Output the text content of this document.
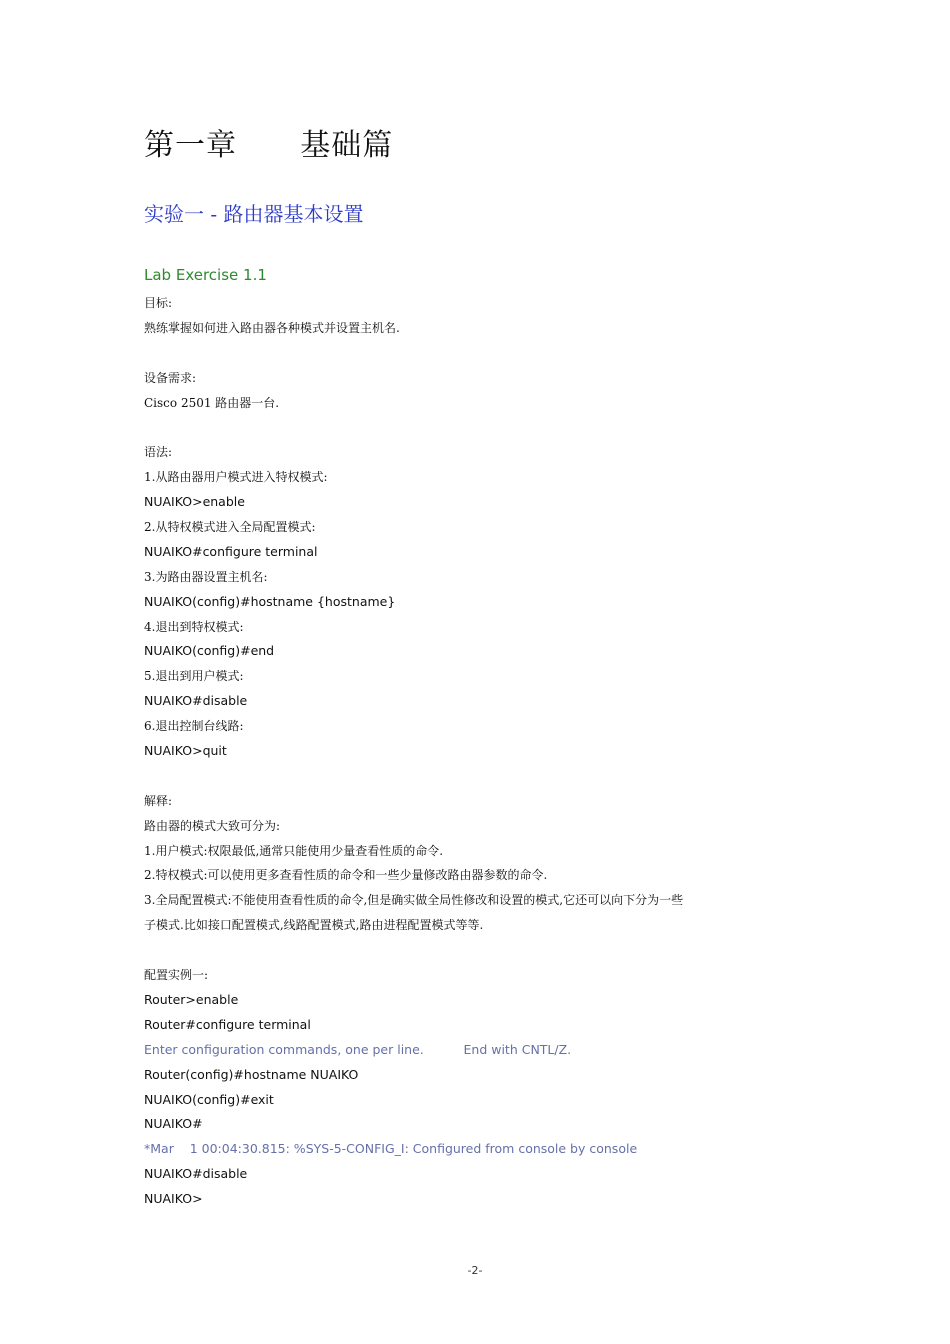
第一章      基础篇
实验一 - 路由器基本设置
Lab Exercise 1.1
目标:
熟练掌握如何进入路由器各种模式并设置主机名.
设备需求:
Cisco 2501 路由器一台.
语法:
1.从路由器用户模式进入特权模式:
NUAIKO>enable
2.从特权模式进入全局配置模式:
NUAIKO#configure terminal
3.为路由器设置主机名:
NUAIKO(config)#hostname {hostname}
4.退出到特权模式:
NUAIKO(config)#end
5.退出到用户模式:
NUAIKO#disable
6.退出控制台线路:
NUAIKO>quit
解释:
路由器的模式大致可分为:
1.用户模式:权限最低,通常只能使用少量查看性质的命令.
2.特权模式:可以使用更多查看性质的命令和一些少量修改路由器参数的命令.
3.全局配置模式:不能使用查看性质的命令,但是确实做全局性修改和设置的模式,它还可以向下分为一些
子模式.比如接口配置模式,线路配置模式,路由进程配置模式等等.
配置实例一:
Router>enable
Router#configure terminal
Enter configuration commands, one per line.          End with CNTL/Z.
Router(config)#hostname NUAIKO
NUAIKO(config)#exit
NUAIKO#
*Mar    1 00:04:30.815: %SYS-5-CONFIG_I: Configured from console by console
NUAIKO#disable
NUAIKO>
-2-
